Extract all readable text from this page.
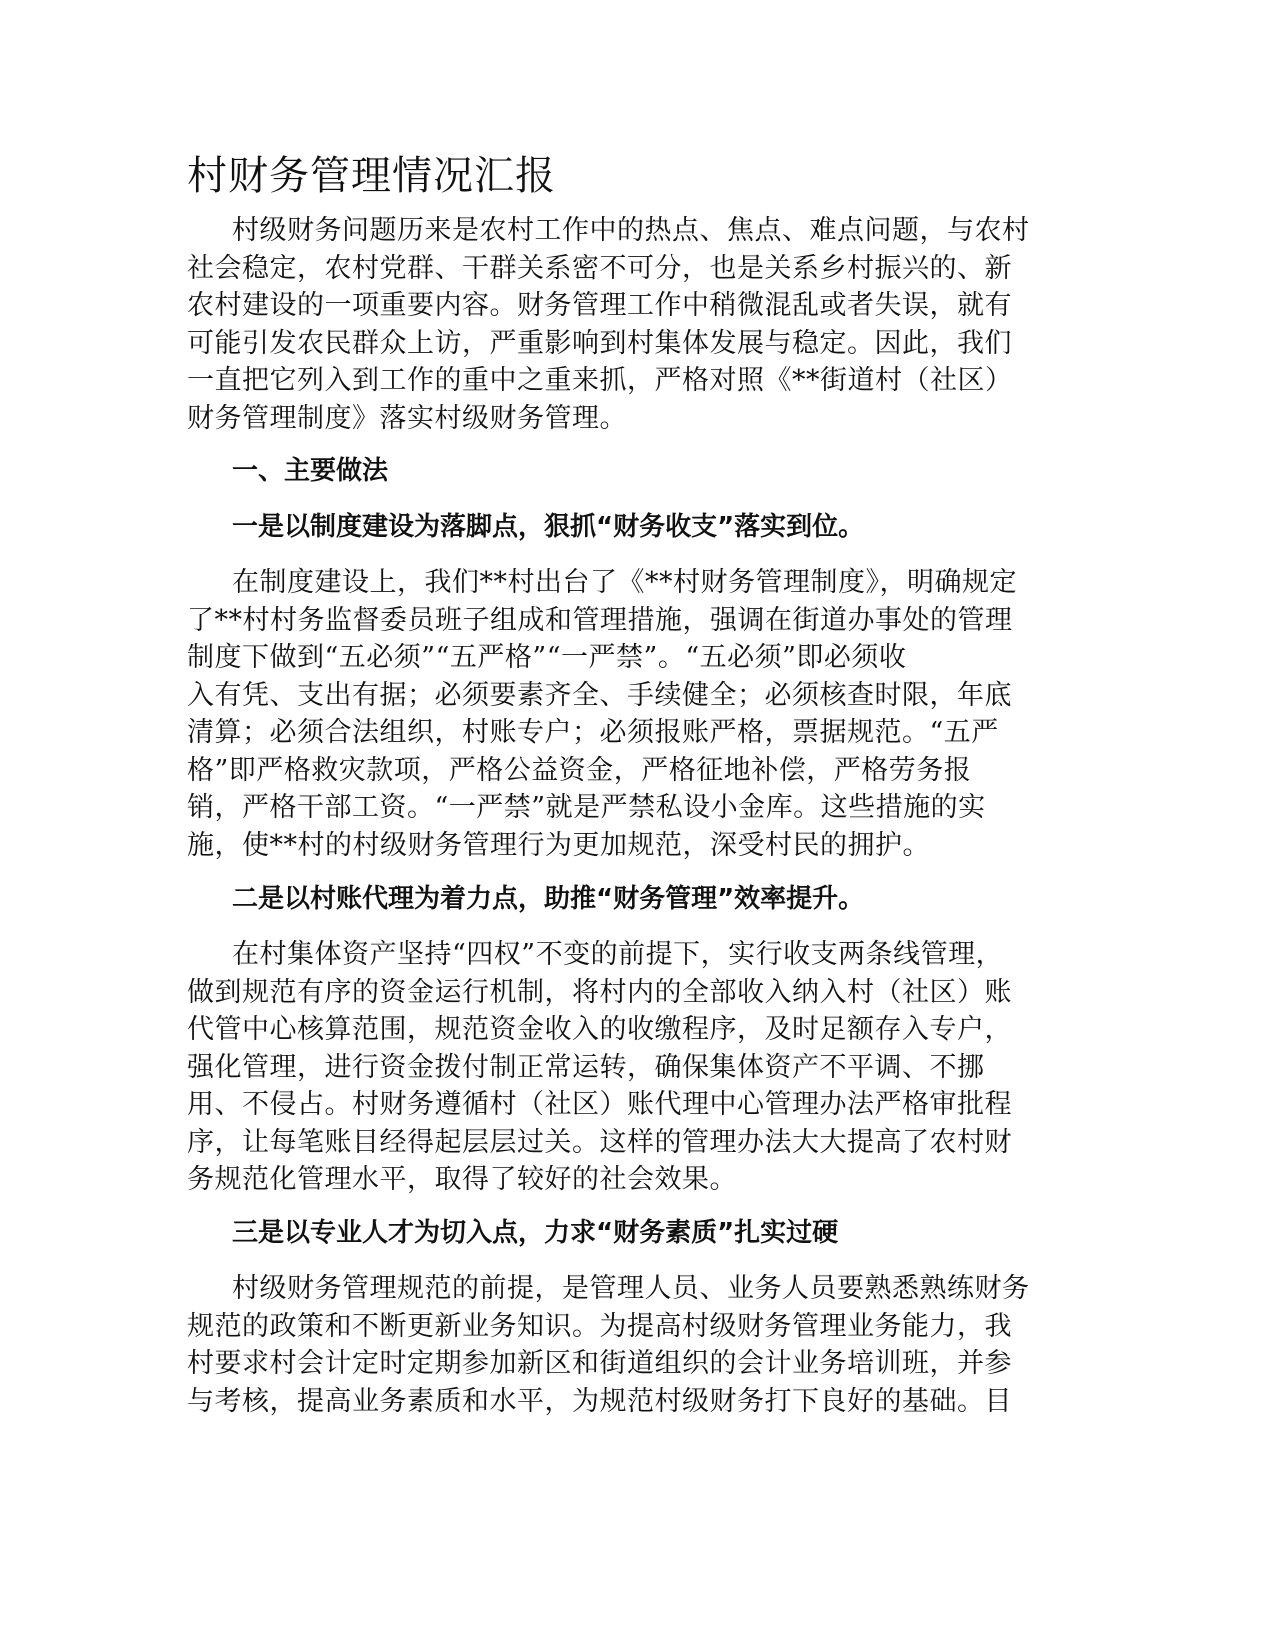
村财务管理情况汇报

村级财务问题历来是农村工作中的热点、焦点、难点问题，与农村
社会稳定，农村党群、干群关系密不可分，也是关系乡村振兴的、新
农村建设的一项重要内容。财务管理工作中稍微混乱或者失误，就有
可能引发农民群众上访，严重影响到村集体发展与稳定。因此，我们
一直把它列入到工作的重中之重来抓，严格对照《**街道村（社区）
财务管理制度》落实村级财务管理。

一、主要做法
一是以制度建设为落脚点，狠抓“财务收支”落实到位。

在制度建设上，我们**村出台了《**村财务管理制度》，明确规定
了**村村务监督委员班子组成和管理措施，强调在街道办事处的管理
制度下做到“五必须”“五严格”“一严禁”。“五必须”即必须收
入有凭、支出有据；必须要素齐全、手续健全；必须核查时限，年底
清算；必须合法组织，村账专户；必须报账严格，票据规范。“五严
格”即严格救灾款项，严格公益资金，严格征地补偿，严格劳务报
销，严格干部工资。“一严禁”就是严禁私设小金库。这些措施的实
施，使**村的村级财务管理行为更加规范，深受村民的拥护。

二是以村账代理为着力点，助推“财务管理”效率提升。

在村集体资产坚持“四权”不变的前提下，实行收支两条线管理，
做到规范有序的资金运行机制，将村内的全部收入纳入村（社区）账
代管中心核算范围，规范资金收入的收缴程序，及时足额存入专户，
强化管理，进行资金拨付制正常运转，确保集体资产不平调、不挪
用、不侵占。村财务遵循村（社区）账代理中心管理办法严格审批程
序，让每笔账目经得起层层过关。这样的管理办法大大提高了农村财
务规范化管理水平，取得了较好的社会效果。

三是以专业人才为切入点，力求“财务素质”扎实过硬

村级财务管理规范的前提，是管理人员、业务人员要熟悉熟练财务
规范的政策和不断更新业务知识。为提高村级财务管理业务能力，我
村要求村会计定时定期参加新区和街道组织的会计业务培训班，并参
与考核，提高业务素质和水平，为规范村级财务打下良好的基础。目
